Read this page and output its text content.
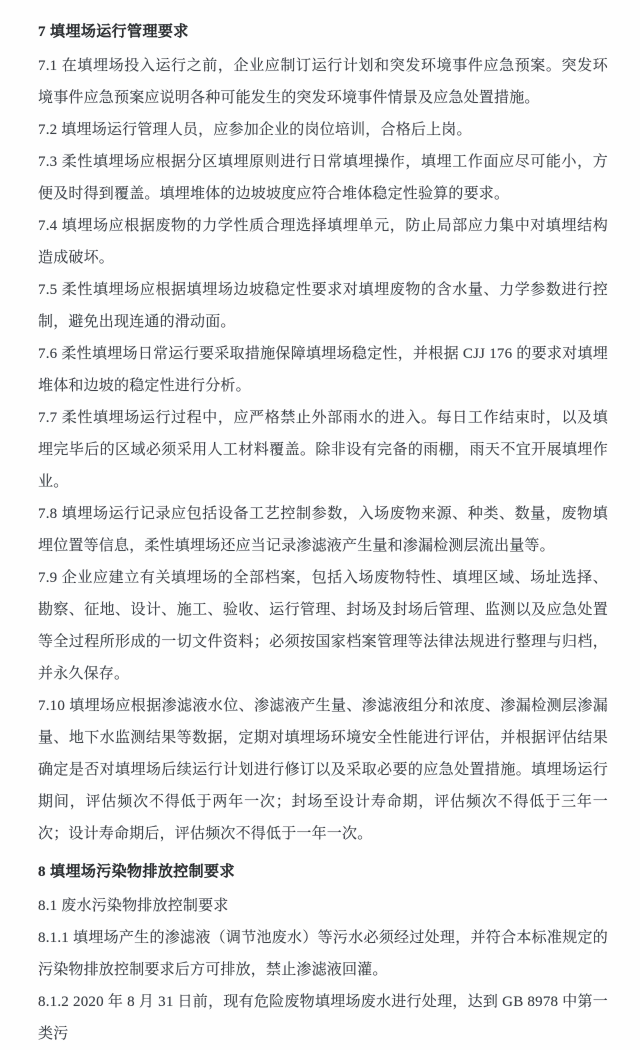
7 填埋场运行管理要求

7.1 在填埋场投入运行之前，企业应制订运行计划和突发环境事件应急预案。突发环境事件应急预案应说明各种可能发生的突发环境事件情景及应急处置措施。

7.2 填埋场运行管理人员，应参加企业的岗位培训，合格后上岗。

7.3 柔性填埋场应根据分区填埋原则进行日常填埋操作，填埋工作面应尽可能小，方便及时得到覆盖。填埋堆体的边坡坡度应符合堆体稳定性验算的要求。

7.4 填埋场应根据废物的力学性质合理选择填埋单元，防止局部应力集中对填埋结构造成破坏。

7.5 柔性填埋场应根据填埋场边坡稳定性要求对填埋废物的含水量、力学参数进行控制，避免出现连通的滑动面。

7.6 柔性填埋场日常运行要采取措施保障填埋场稳定性，并根据 CJJ 176 的要求对填埋堆体和边坡的稳定性进行分析。

7.7 柔性填埋场运行过程中，应严格禁止外部雨水的进入。每日工作结束时，以及填埋完毕后的区域必须采用人工材料覆盖。除非设有完备的雨棚，雨天不宜开展填埋作业。

7.8 填埋场运行记录应包括设备工艺控制参数，入场废物来源、种类、数量，废物填埋位置等信息，柔性填埋场还应当记录渗滤液产生量和渗漏检测层流出量等。

7.9 企业应建立有关填埋场的全部档案，包括入场废物特性、填埋区域、场址选择、勘察、征地、设计、施工、验收、运行管理、封场及封场后管理、监测以及应急处置等全过程所形成的一切文件资料；必须按国家档案管理等法律法规进行整理与归档，并永久保存。

7.10 填埋场应根据渗滤液水位、渗滤液产生量、渗滤液组分和浓度、渗漏检测层渗漏量、地下水监测结果等数据，定期对填埋场环境安全性能进行评估，并根据评估结果确定是否对填埋场后续运行计划进行修订以及采取必要的应急处置措施。填埋场运行期间，评估频次不得低于两年一次；封场至设计寿命期，评估频次不得低于三年一次；设计寿命期后，评估频次不得低于一年一次。

8 填埋场污染物排放控制要求

8.1 废水污染物排放控制要求

8.1.1 填埋场产生的渗滤液（调节池废水）等污水必须经过处理，并符合本标准规定的污染物排放控制要求后方可排放，禁止渗滤液回灌。

8.1.2 2020 年 8 月 31 日前，现有危险废物填埋场废水进行处理，达到 GB 8978 中第一类污
